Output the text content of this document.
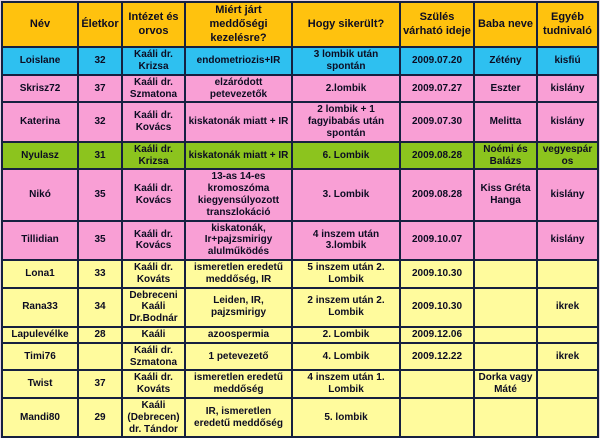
Név	Életkor	Intézet és orvos	Miért járt meddőségi kezelésre?	Hogy sikerült?	Szülés várható ideje	Baba neve	Egyéb tudnivaló
Loislane	32	Kaáli dr. Krizsa	endometriozis+IR	3 lombik után spontán	2009.07.20	Zétény	kisfiú
Skrisz72	37	Kaáli dr. Szmatona	elzáródott petevezetők	2.lombik	2009.07.27	Eszter	kislány
Katerina	32	Kaáli dr. Kovács	kiskatonák miatt + IR	2 lombik + 1 fagyibabás után spontán	2009.07.30	Melitta	kislány
Nyulasz	31	Kaáli dr. Krizsa	kiskatonák miatt + IR	6. Lombik	2009.08.28	Noémi és Balázs	vegyespáros
Nikó	35	Kaáli dr. Kovács	13-as 14-es kromoszóma kiegyensúlyozott transzlokáció	3. Lombik	2009.08.28	Kiss Gréta Hanga	kislány
Tillidian	35	Kaáli dr. Kovács	kiskatonák, Ir+pajzsmirigy alulműködés	4 inszem után 3.lombik	2009.10.07		kislány
Lona1	33	Kaáli dr. Kováts	ismeretlen eredetű meddőség, IR	5 inszem után 2. Lombik	2009.10.30		
Rana33	34	Debreceni Kaáli Dr.Bodnár	Leiden, IR, pajzsmirigy	2 inszem után 2. Lombik	2009.10.30		ikrek
Lapulevélke	28	Kaáli	azoospermia	2. Lombik	2009.12.06		
Timi76		Kaáli dr. Szmatona	1 petevezető	4. Lombik	2009.12.22		ikrek
Twist	37	Kaáli dr. Kováts	ismeretlen eredetű meddőség	4 inszem után 1. Lombik		Dorka vagy Máté	
Mandi80	29	Kaáli (Debrecen) dr. Tándor	IR, ismeretlen eredetű meddőség	5. lombik			
